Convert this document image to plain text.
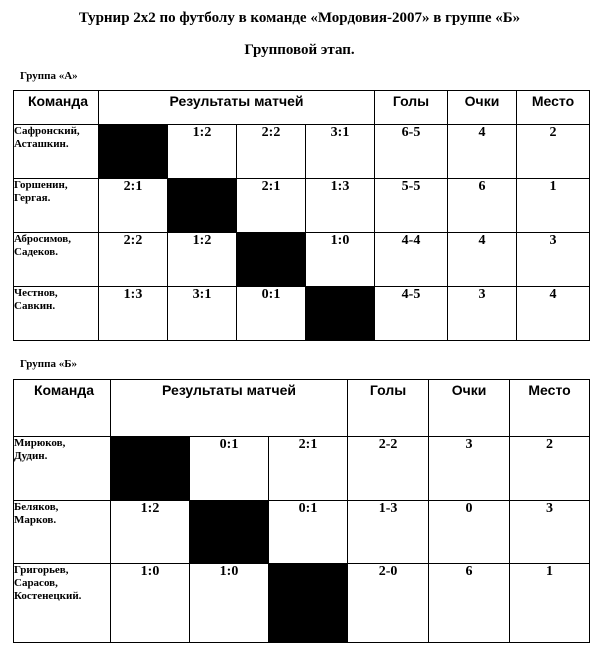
Турнир 2х2 по футболу в команде «Мордовия-2007» в группе «Б»
Групповой этап.
Группа «А»
Команда	Результаты матчей				Голы	Очки	Место
Сафронский,
Асташкин.		1:2	2:2	3:1	6-5	4	2
Горшенин,
Гергая.	2:1		2:1	1:3	5-5	6	1
Абросимов,
Садеков.	2:2	1:2		1:0	4-4	4	3
Честнов,
Савкин.	1:3	3:1	0:1		4-5	3	4
Группа «Б»
Команда	Результаты матчей			Голы	Очки	Место
Мирюков,
Дудин.		0:1	2:1	2-2	3	2
Беляков,
Марков.	1:2		0:1	1-3	0	3
Григорьев,
Сарасов,
Костенецкий.	1:0	1:0		2-0	6	1
